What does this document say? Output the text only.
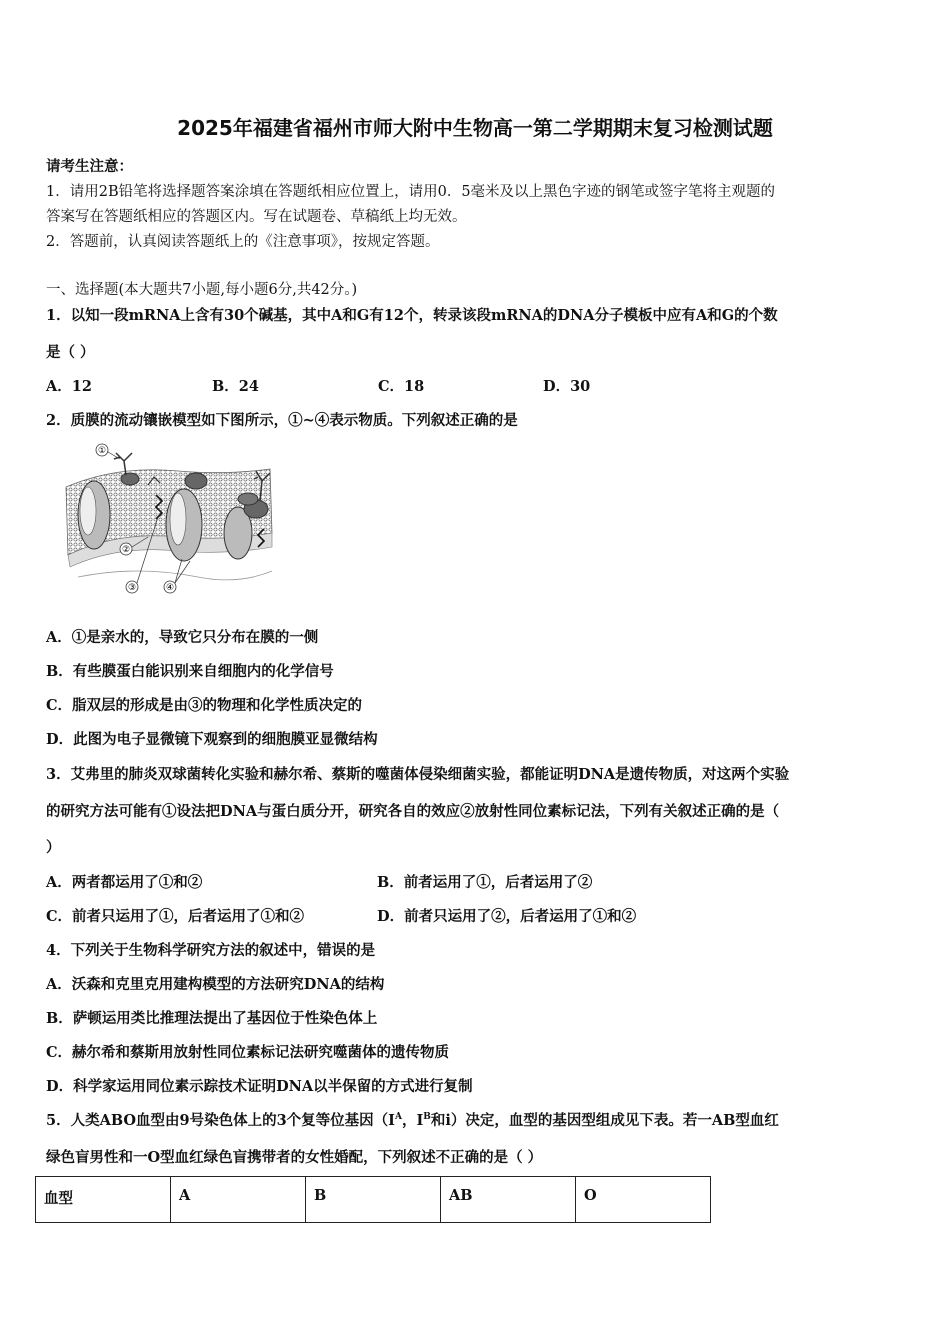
2025年福建省福州市师大附中生物高一第二学期期末复习检测试题
请考生注意：
1．请用2B铅笔将选择题答案涂填在答题纸相应位置上，请用0．5毫米及以上黑色字迹的钢笔或签字笔将主观题的
答案写在答题纸相应的答题区内。写在试题卷、草稿纸上均无效。
2．答题前，认真阅读答题纸上的《注意事项》，按规定答题。
一、选择题(本大题共7小题,每小题6分,共42分。)
1．以知一段mRNA上含有30个碱基，其中A和G有12个，转录该段mRNA的DNA分子模板中应有A和G的个数
是（ ）
A．12	B．24	C．18	D．30
2．质膜的流动镶嵌模型如下图所示，①~④表示物质。下列叙述正确的是
①
②
③	④
A．①是亲水的，导致它只分布在膜的一侧
B．有些膜蛋白能识别来自细胞内的化学信号
C．脂双层的形成是由③的物理和化学性质决定的
D．此图为电子显微镜下观察到的细胞膜亚显微结构
3．艾弗里的肺炎双球菌转化实验和赫尔希、蔡斯的噬菌体侵染细菌实验，都能证明DNA是遗传物质，对这两个实验
的研究方法可能有①设法把DNA与蛋白质分开，研究各自的效应②放射性同位素标记法，下列有关叙述正确的是（
）
A．两者都运用了①和②	B．前者运用了①，后者运用了②
C．前者只运用了①，后者运用了①和②	D．前者只运用了②，后者运用了①和②
4．下列关于生物科学研究方法的叙述中，错误的是
A．沃森和克里克用建构模型的方法研究DNA的结构
B．萨顿运用类比推理法提出了基因位于性染色体上
C．赫尔希和蔡斯用放射性同位素标记法研究噬菌体的遗传物质
D．科学家运用同位素示踪技术证明DNA以半保留的方式进行复制
5．人类ABO血型由9号染色体上的3个复等位基因（$I^A$，$I^B$和i）决定，血型的基因型组成见下表。若一AB型血红
绿色盲男性和一O型血红绿色盲携带者的女性婚配，下列叙述不正确的是（ ）
血型	A	B	AB	O
